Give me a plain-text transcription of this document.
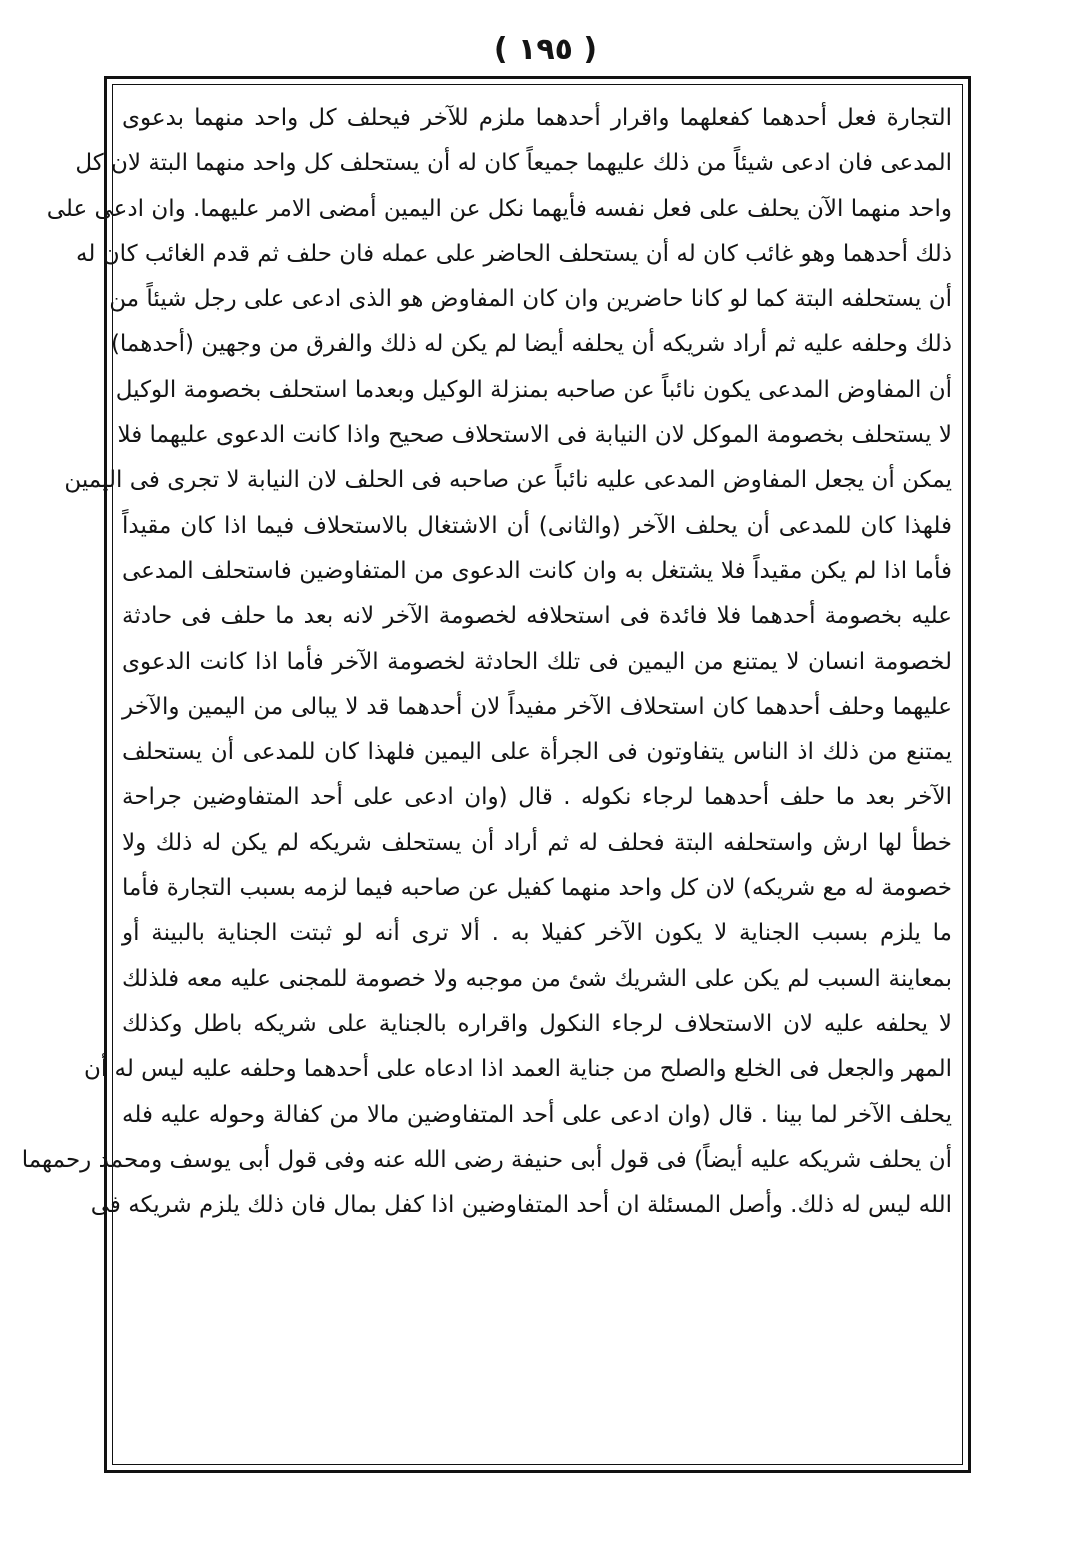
( ١٩٥ )
التجارة فعل أحدهما كفعلهما واقرار أحدهما ملزم للآخر فيحلف كل واحد منهما بدعوى
المدعى فان ادعى شيئاً من ذلك عليهما جميعاً كان له أن يستحلف كل واحد منهما البتة لان كل
واحد منهما الآن يحلف على فعل نفسه فأيهما نكل عن اليمين أمضى الامر عليهما. وان ادعى على
ذلك أحدهما وهو غائب كان له أن يستحلف الحاضر على عمله فان حلف ثم قدم الغائب كان له
أن يستحلفه البتة كما لو كانا حاضرين وان كان المفاوض هو الذى ادعى على رجل شيئاً من
ذلك وحلفه عليه ثم أراد شريكه أن يحلفه أيضا لم يكن له ذلك والفرق من وجهين (أحدهما)
أن المفاوض المدعى يكون نائباً عن صاحبه بمنزلة الوكيل وبعدما استحلف بخصومة الوكيل
لا يستحلف بخصومة الموكل لان النيابة فى الاستحلاف صحيح واذا كانت الدعوى عليهما فلا
يمكن أن يجعل المفاوض المدعى عليه نائباً عن صاحبه فى الحلف لان النيابة لا تجرى فى اليمين
فلهذا كان للمدعى أن يحلف الآخر (والثانى) أن الاشتغال بالاستحلاف فيما اذا كان مقيداً
فأما اذا لم يكن مقيداً فلا يشتغل به وان كانت الدعوى من المتفاوضين فاستحلف المدعى
عليه بخصومة أحدهما فلا فائدة فى استحلافه لخصومة الآخر لانه بعد ما حلف فى حادثة
لخصومة انسان لا يمتنع من اليمين فى تلك الحادثة لخصومة الآخر فأما اذا كانت الدعوى
عليهما وحلف أحدهما كان استحلاف الآخر مفيداً لان أحدهما قد لا يبالى من اليمين والآخر
يمتنع من ذلك اذ الناس يتفاوتون فى الجرأة على اليمين فلهذا كان للمدعى أن يستحلف
الآخر بعد ما حلف أحدهما لرجاء نكوله . قال (وان ادعى على أحد المتفاوضين جراحة
خطأ لها ارش واستحلفه البتة فحلف له ثم أراد أن يستحلف شريكه لم يكن له ذلك ولا
خصومة له مع شريكه) لان كل واحد منهما كفيل عن صاحبه فيما لزمه بسبب التجارة فأما
ما يلزم بسبب الجناية لا يكون الآخر كفيلا به . ألا ترى أنه لو ثبتت الجناية بالبينة أو
بمعاينة السبب لم يكن على الشريك شئ من موجبه ولا خصومة للمجنى عليه معه فلذلك
لا يحلفه عليه لان الاستحلاف لرجاء النكول واقراره بالجناية على شريكه باطل وكذلك
المهر والجعل فى الخلع والصلح من جناية العمد اذا ادعاه على أحدهما وحلفه عليه ليس له أن
يحلف الآخر لما بينا . قال (وان ادعى على أحد المتفاوضين مالا من كفالة وحوله عليه فله
أن يحلف شريكه عليه أيضاً) فى قول أبى حنيفة رضى الله عنه وفى قول أبى يوسف ومحمد رحمهما
الله ليس له ذلك. وأصل المسئلة ان أحد المتفاوضين اذا كفل بمال فان ذلك يلزم شريكه فى
